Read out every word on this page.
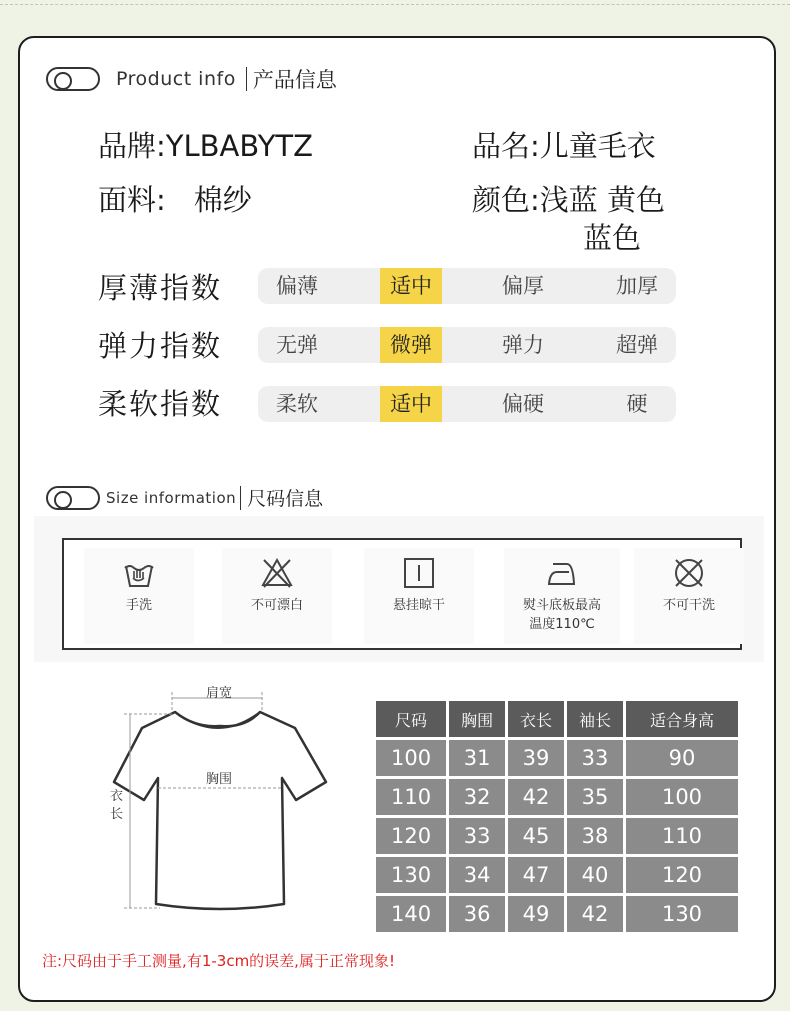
Product info 产品信息
品牌:YLBABYTZ	品名:儿童毛衣
面料: 棉纱	颜色:浅蓝 黄色
蓝色
厚薄指数	偏薄	适中	偏厚	加厚
弹力指数	无弹	微弹	弹力	超弹
柔软指数	柔软	适中	偏硬	硬
Size information 尺码信息
手洗	不可漂白	悬挂晾干	熨斗底板最高
温度110℃
不可干洗
肩宽
胸围
衣长
尺码	胸围	衣长	袖长	适合身高
100	31	39	33	90
110	32	42	35	100
120	33	45	38	110
130	34	47	40	120
140	36	49	42	130
注:尺码由于手工测量,有1-3cm的误差,属于正常现象!
